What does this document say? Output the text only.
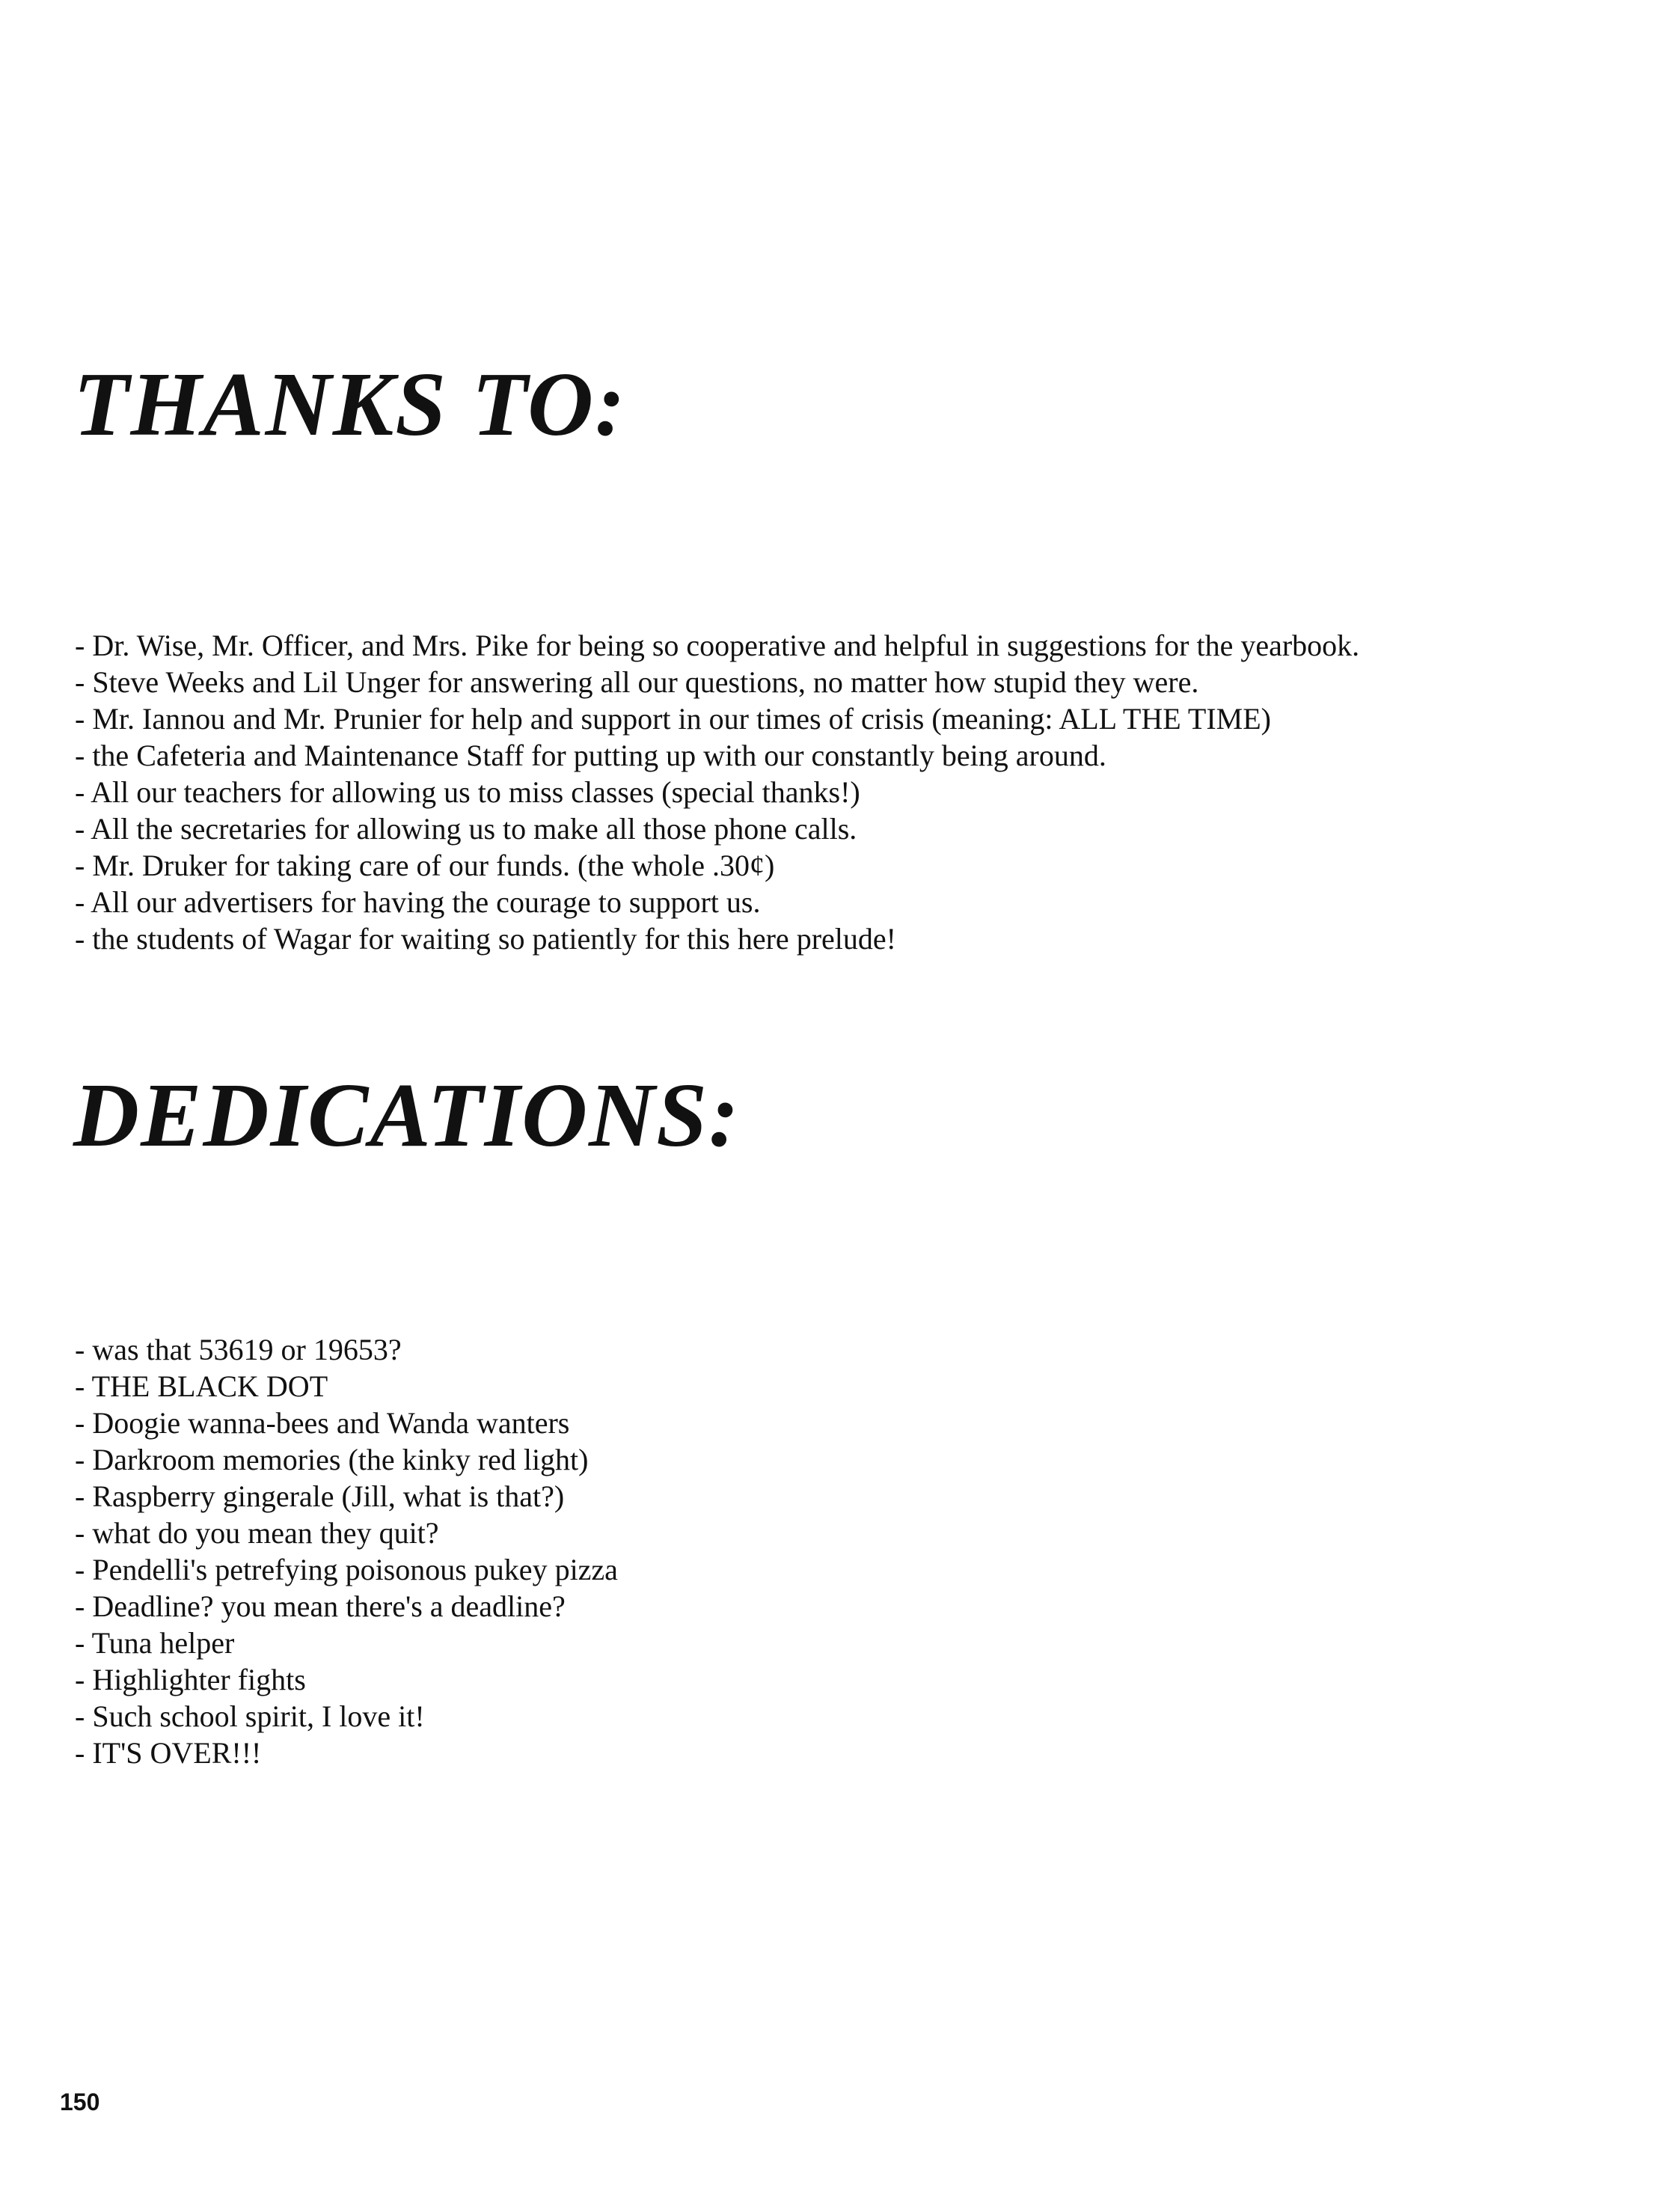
THANKS TO:
- Dr. Wise, Mr. Officer, and Mrs. Pike for being so cooperative and helpful in suggestions for the yearbook.
- Steve Weeks and Lil Unger for answering all our questions, no matter how stupid they were.
- Mr. Iannou and Mr. Prunier for help and support in our times of crisis (meaning: ALL THE TIME)
- the Cafeteria and Maintenance Staff for putting up with our constantly being around.
- All our teachers for allowing us to miss classes (special thanks!)
- All the secretaries for allowing us to make all those phone calls.
- Mr. Druker for taking care of our funds. (the whole .30¢)
- All our advertisers for having the courage to support us.
- the students of Wagar for waiting so patiently for this here prelude!
DEDICATIONS:
- was that 53619 or 19653?
- THE BLACK DOT
- Doogie wanna-bees and Wanda wanters
- Darkroom memories (the kinky red light)
- Raspberry gingerale (Jill, what is that?)
- what do you mean they quit?
- Pendelli's petrefying poisonous pukey pizza
- Deadline? you mean there's a deadline?
- Tuna helper
- Highlighter fights
- Such school spirit, I love it!
- IT'S OVER!!!
150
